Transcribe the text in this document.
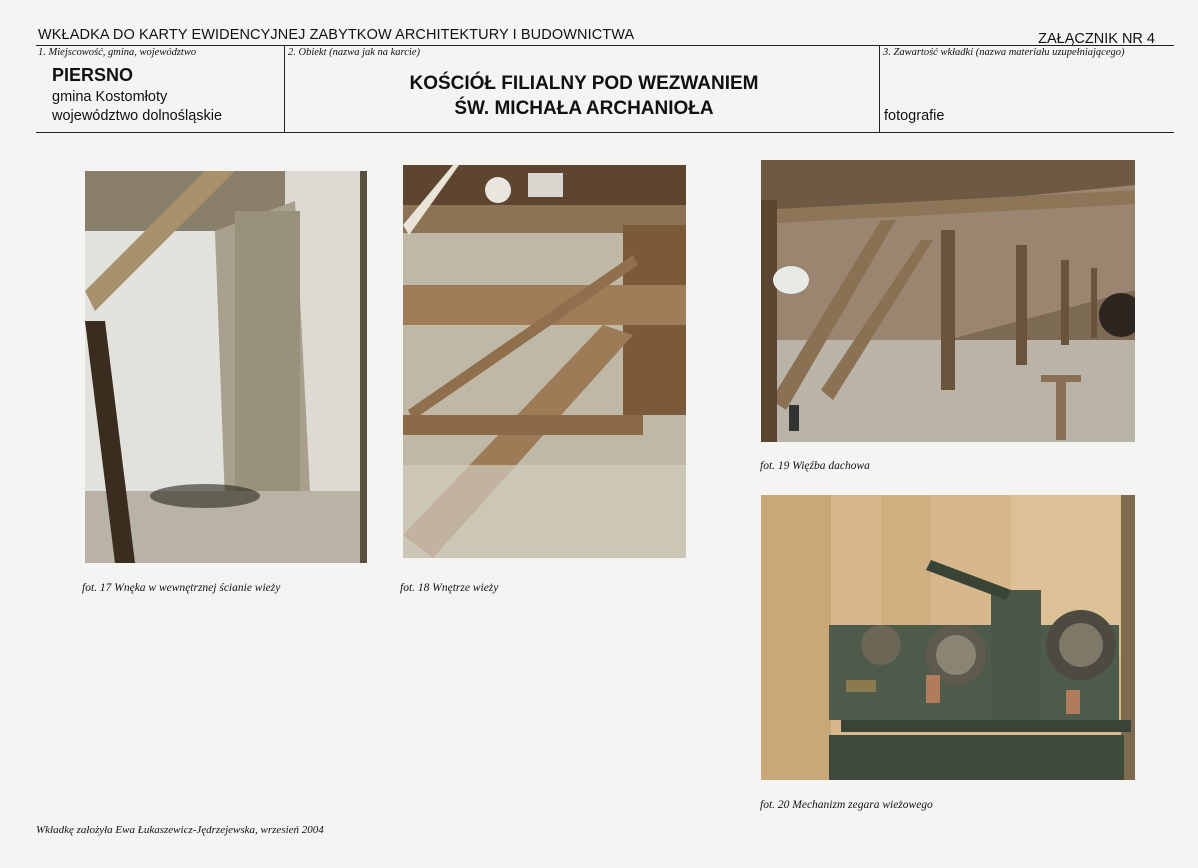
WKŁADKA DO KARTY EWIDENCYJNEJ ZABYTKOW ARCHITEKTURY I BUDOWNICTWA	ZAŁĄCZNIK NR 4
1. Miejscowość, gmina, województwo	2. Obiekt (nazwa jak na karcie)	3. Zawartość wkładki (nazwa materiału uzupełniającego)
PIERSNO
gmina Kostomłoty
województwo dolnośląskie
KOŚCIÓŁ FILIALNY POD WEZWANIEM
ŚW. MICHAŁA ARCHANIOŁA	fotografie
fot. 17 Wnęka w wewnętrznej ścianie wieży	fot. 18 Wnętrze wieży
fot. 19 Więźba dachowa
fot. 20 Mechanizm zegara wieżowego
Wkładkę założyła Ewa Łukaszewicz-Jędrzejewska, wrzesień 2004
